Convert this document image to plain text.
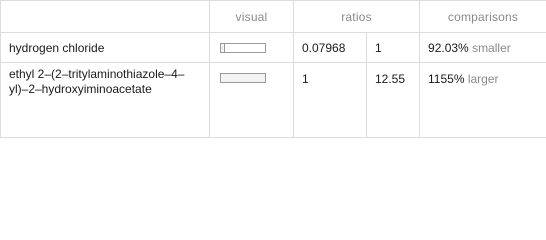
	visual	ratios		comparisons
hydrogen chloride		0.07968	1	92.03% smaller
ethyl 2–(2–tritylaminothiazole–4–yl)–2–hydroxyiminoacetate		1	12.55	1155% larger
